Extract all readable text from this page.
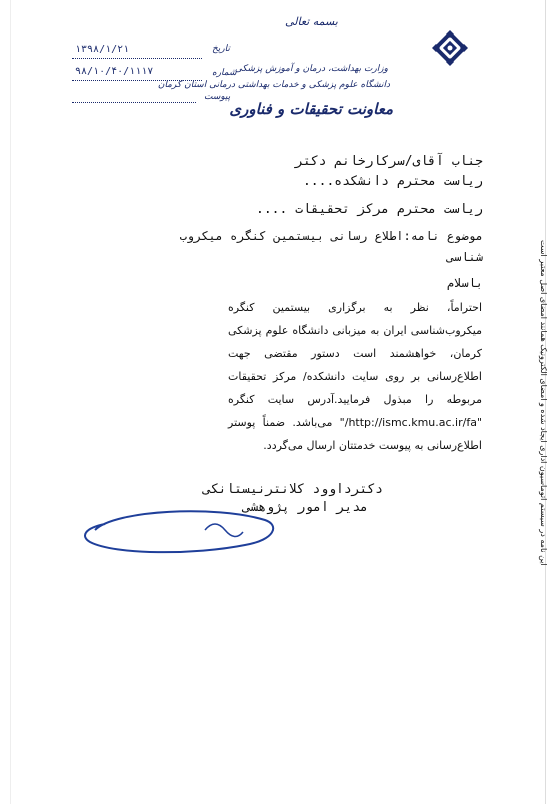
بسمه تعالی
وزارت بهداشت، درمان و آموزش پزشکی
دانشگاه علوم پزشکی و خدمات بهداشتی درمانی استان کرمان
معاونت تحقیقات و فناوری
تاریخ
۱۳۹۸/۱/۲۱
شماره
۹۸/۱۰/۴۰/۱۱۱۷
پیوست
جناب آقای/سرکارخانم دکتر
ریاست محترم دانشکده....
ریاست محترم مرکز تحقیقات ....
موضوع نامه:اطلاع رسانی بیستمین کنگره میکروب
شناسی
باسلام

احتراماً، نظر به برگزاری بیستمین کنگره میکروب‌شناسی ایران به میزبانی دانشگاه علوم پزشکی کرمان، خواهشمند است دستور مقتضی جهت اطلاع‌رسانی بر روی سایت دانشکده/ مرکز تحقیقات مربوطه را مبذول فرمایید.آدرس سایت کنگره "http://ismc.kmu.ac.ir/fa/" می‌باشد. ضمناً پوستر اطلاع‌رسانی به پیوست خدمتتان ارسال می‌گردد.

دکترداوود کلانترنیستانکی
مدیر امور پژوهشی	این نامه در سیستم اتوماسیون اداری ایجاد شده و امضای الکترونیک همانند امضای اصل معتبر است
